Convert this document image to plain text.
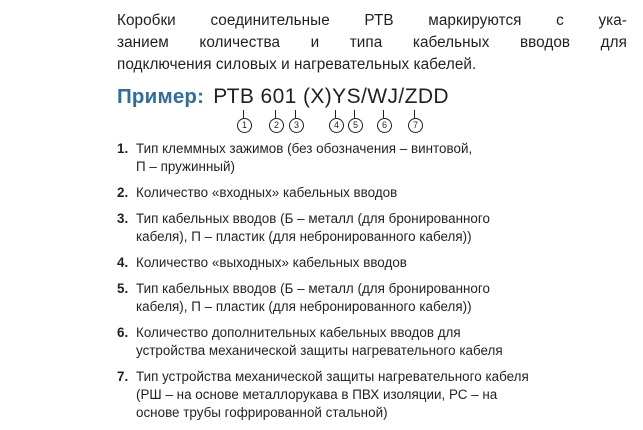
Коробки соединительные РТВ маркируются с ука-
занием количества и типа кабельных вводов для
подключения силовых и нагревательных кабелей.
Пример: РТВ 601 (Х)YS/WJ/ZDD
1	2	3	4	5	6	7
1. Тип клеммных зажимов (без обозначения – винтовой,
П – пружинный)
2. Количество «входных» кабельных вводов
3. Тип кабельных вводов (Б – металл (для бронированного
кабеля), П – пластик (для небронированного кабеля))
4. Количество «выходных» кабельных вводов
5. Тип кабельных вводов (Б – металл (для бронированного
кабеля), П – пластик (для небронированного кабеля))
6. Количество дополнительных кабельных вводов для
устройства механической защиты нагревательного кабеля
7. Тип устройства механической защиты нагревательного кабеля
(РШ – на основе металлорукава в ПВХ изоляции, РС – на
основе трубы гофрированной стальной)
